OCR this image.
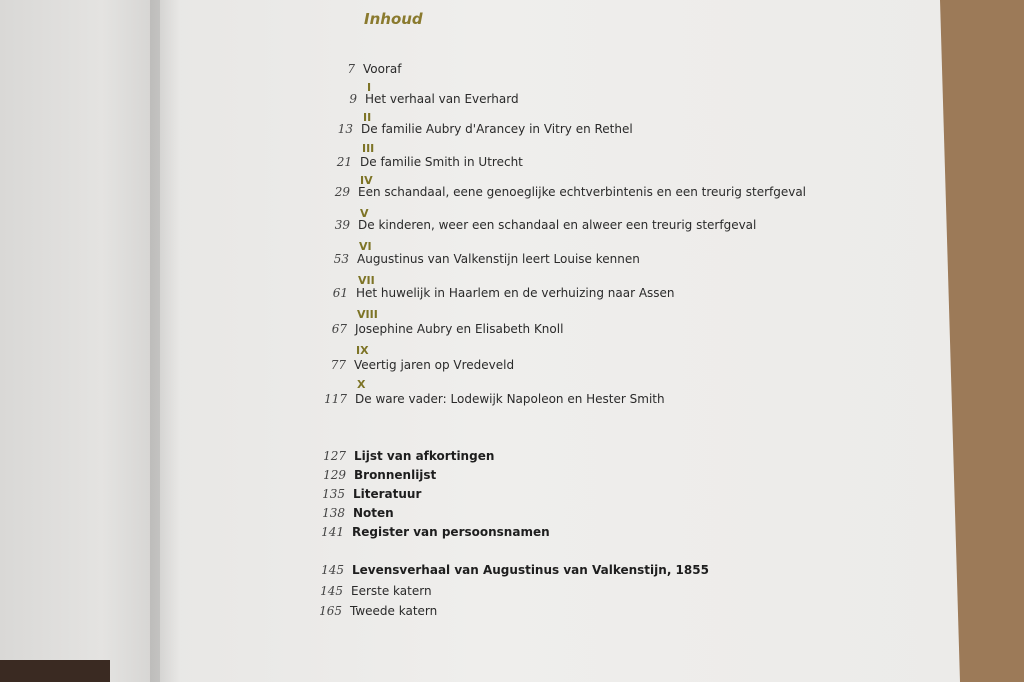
Inhoud
7 Vooraf
I
9 Het verhaal van Everhard
II
13 De familie Aubry d'Arancey in Vitry en Rethel
III
21 De familie Smith in Utrecht
IV
29 Een schandaal, eene genoeglijke echtverbintenis en een treurig sterfgeval
V
39 De kinderen, weer een schandaal en alweer een treurig sterfgeval
VI
53 Augustinus van Valkenstijn leert Louise kennen
VII
61 Het huwelijk in Haarlem en de verhuizing naar Assen
VIII
67 Josephine Aubry en Elisabeth Knoll
IX
77 Veertig jaren op Vredeveld
X
117 De ware vader: Lodewijk Napoleon en Hester Smith
127 Lijst van afkortingen
129 Bronnenlijst
135 Literatuur
138 Noten
141 Register van persoonsnamen
145 Levensverhaal van Augustinus van Valkenstijn, 1855
145 Eerste katern
165 Tweede katern
